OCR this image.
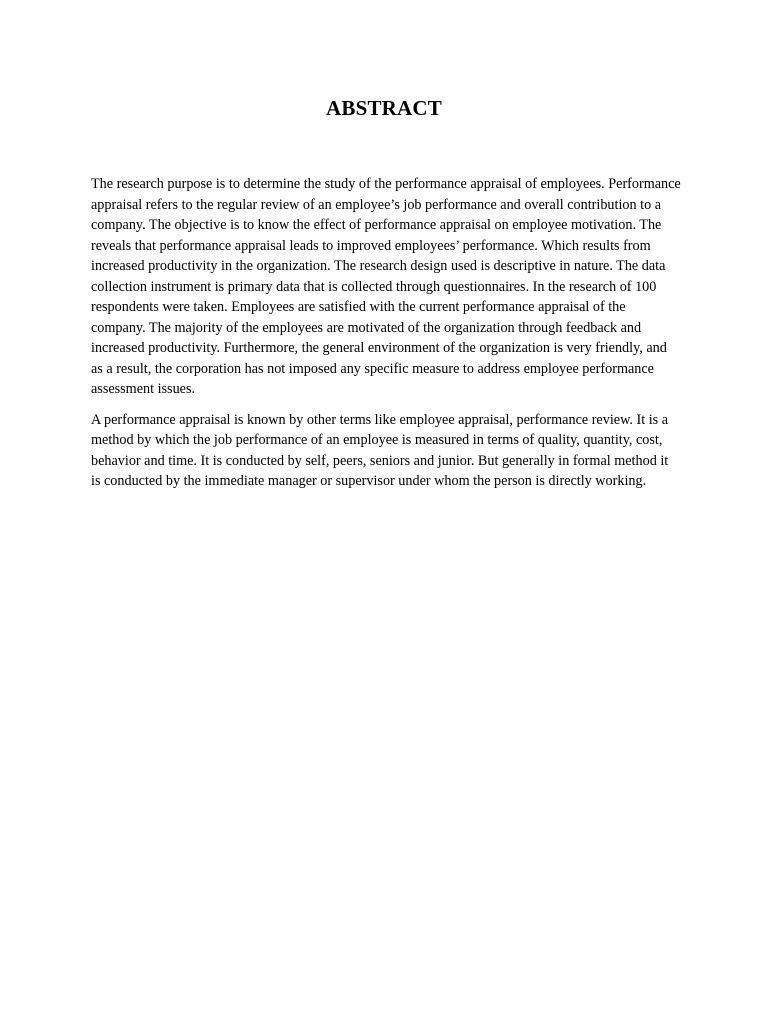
ABSTRACT

The research purpose is to determine the study of the performance appraisal of employees. Performance appraisal refers to the regular review of an employee’s job performance and overall contribution to a company. The objective is to know the effect of performance appraisal on employee motivation. The reveals that performance appraisal leads to improved employees’ performance. Which results from increased productivity in the organization. The research design used is descriptive in nature. The data collection instrument is primary data that is collected through questionnaires. In the research of 100 respondents were taken. Employees are satisfied with the current performance appraisal of the company. The majority of the employees are motivated of the organization through feedback and increased productivity. Furthermore, the general environment of the organization is very friendly, and as a result, the corporation has not imposed any specific measure to address employee performance assessment issues.

A performance appraisal is known by other terms like employee appraisal, performance review. It is a method by which the job performance of an employee is measured in terms of quality, quantity, cost, behavior and time. It is conducted by self, peers, seniors and junior. But generally in formal method it is conducted by the immediate manager or supervisor under whom the person is directly working.
